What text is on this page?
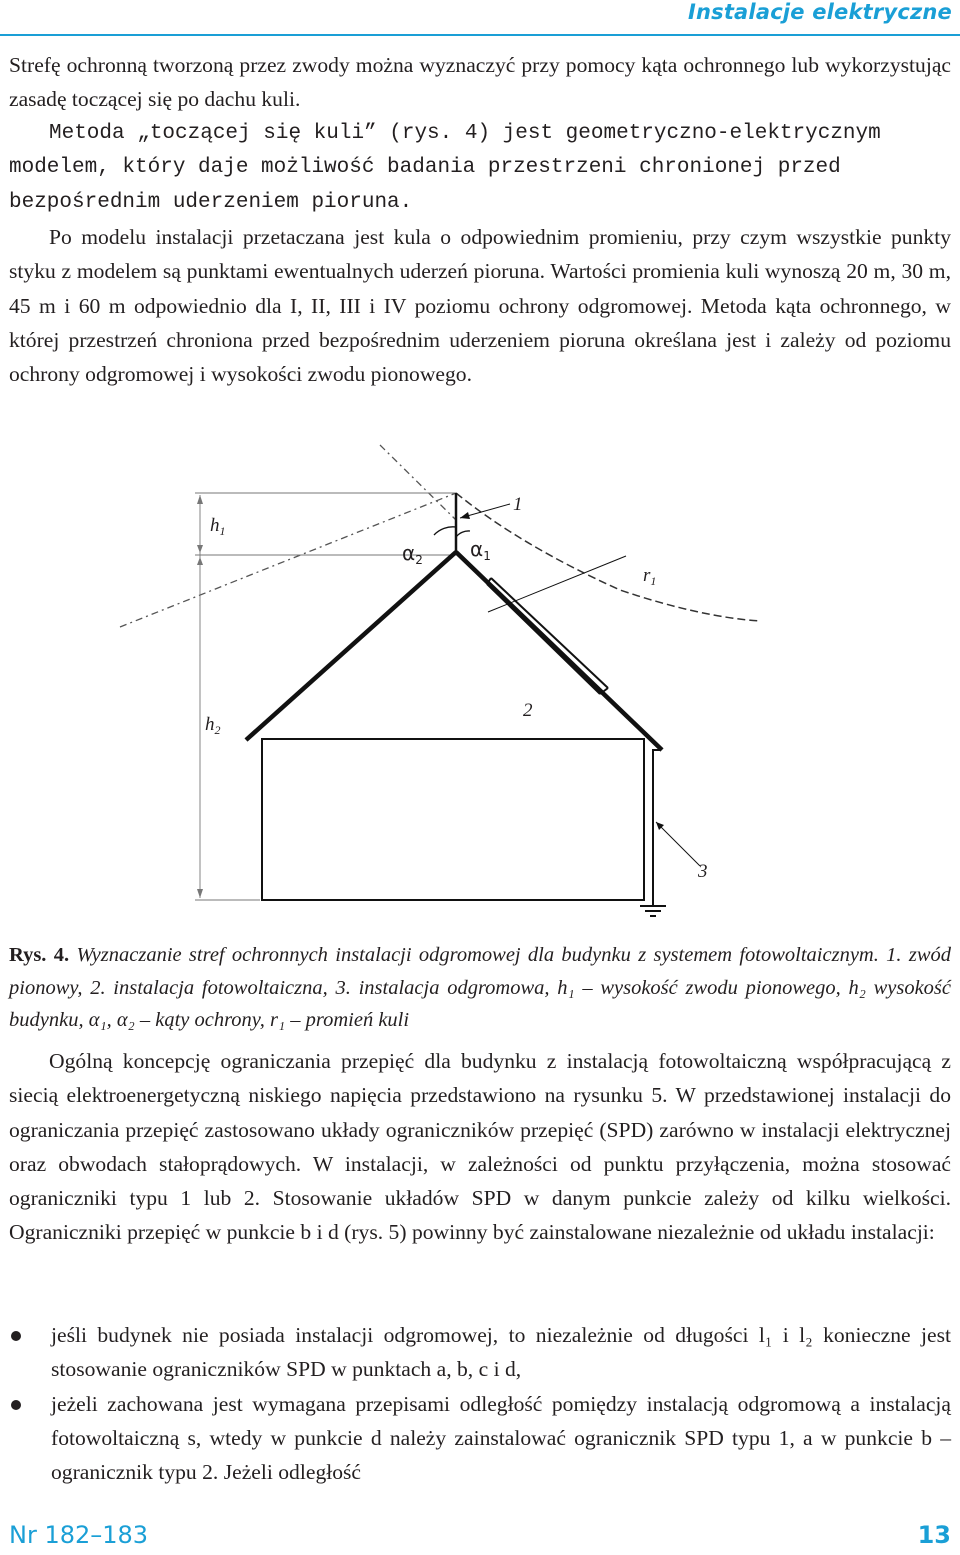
Instalacje elektryczne

Strefę ochronną tworzoną przez zwody można wyznaczyć przy pomocy kąta ochronnego lub wykorzystując zasadę toczącej się po dachu kuli.

Metoda „toczącej się kuli” (rys. 4) jest geometryczno-elektrycznym modelem, który daje możliwość badania przestrzeni chronionej przed bezpośrednim uderzeniem pioruna.

Po modelu instalacji przetaczana jest kula o odpowiednim promieniu, przy czym wszystkie punkty styku z modelem są punktami ewentualnych uderzeń pioruna. Wartości promienia kuli wynoszą 20 m, 30 m, 45 m i 60 m odpowiednio dla I, II, III i IV poziomu ochrony odgromowej. Metoda kąta ochronnego, w której przestrzeń chroniona przed bezpośrednim uderzeniem pioruna określana jest i zależy od poziomu ochrony odgromowej i wysokości zwodu pionowego.

$h_1$
$h_2$
$\alpha_2$ $\alpha_1$
1
$r_1$
2
3
Rys. 4. Wyznaczanie stref ochronnych instalacji odgromowej dla budynku z systemem fotowoltaicznym. 1. zwód pionowy, 2. instalacja fotowoltaiczna, 3. instalacja odgromowa, h₁ – wysokość zwodu pionowego, h₂ wysokość budynku, α₁, α₂ – kąty ochrony, r₁ – promień kuli

Ogólną koncepcję ograniczania przepięć dla budynku z instalacją fotowoltaiczną współpracującą z siecią elektroenergetyczną niskiego napięcia przedstawiono na rysunku 5. W przedstawionej instalacji do ograniczania przepięć zastosowano układy ograniczników przepięć (SPD) zarówno w instalacji elektrycznej oraz obwodach stałoprądowych. W instalacji, w zależności od punktu przyłączenia, można stosować ograniczniki typu 1 lub 2. Stosowanie układów SPD w danym punkcie zależy od kilku wielkości. Ograniczniki przepięć w punkcie b i d (rys. 5) powinny być zainstalowane niezależnie od układu instalacji:

jeśli budynek nie posiada instalacji odgromowej, to niezależnie od długości l₁ i l₂ konieczne jest stosowanie ograniczników SPD w punktach a, b, c i d,
jeżeli zachowana jest wymagana przepisami odległość pomiędzy instalacją odgromową a instalacją fotowoltaiczną s, wtedy w punkcie d należy zainstalować ogranicznik SPD typu 1, a w punkcie b – ogranicznik typu 2. Jeżeli odległość
Nr 182–183	13
